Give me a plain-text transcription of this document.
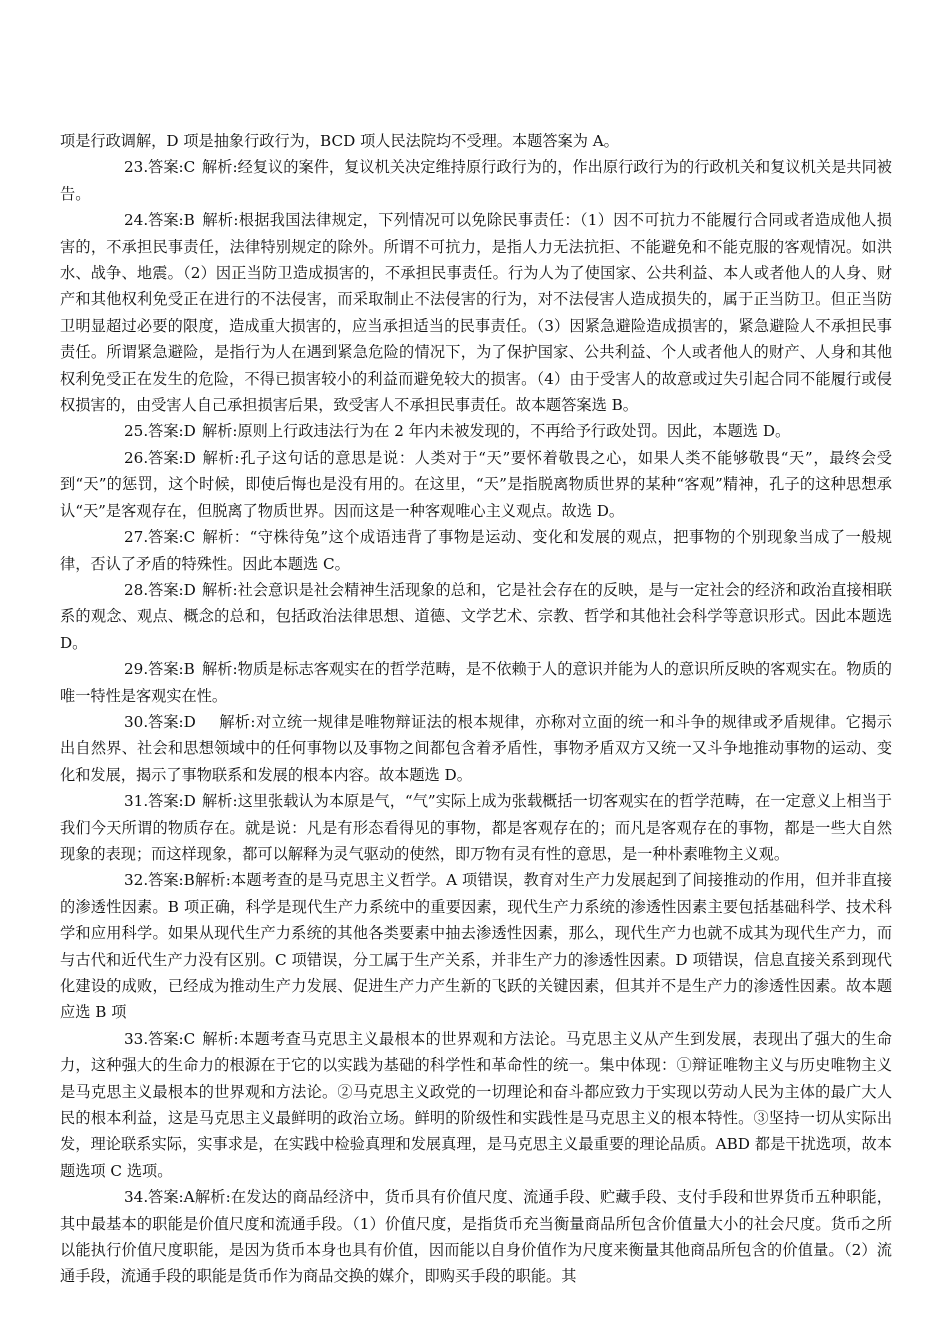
项是行政调解，D 项是抽象行政行为，BCD 项人民法院均不受理。本题答案为 A。

23.答案:C 解析:经复议的案件，复议机关决定维持原行政行为的，作出原行政行为的行政机关和复议机关是共同被告。

24.答案:B 解析:根据我国法律规定，下列情况可以免除民事责任：（1）因不可抗力不能履行合同或者造成他人损害的，不承担民事责任，法律特别规定的除外。所谓不可抗力，是指人力无法抗拒、不能避免和不能克服的客观情况。如洪水、战争、地震。（2）因正当防卫造成损害的，不承担民事责任。行为人为了使国家、公共利益、本人或者他人的人身、财产和其他权利免受正在进行的不法侵害，而采取制止不法侵害的行为，对不法侵害人造成损失的，属于正当防卫。但正当防卫明显超过必要的限度，造成重大损害的，应当承担适当的民事责任。（3）因紧急避险造成损害的，紧急避险人不承担民事责任。所谓紧急避险，是指行为人在遇到紧急危险的情况下，为了保护国家、公共利益、个人或者他人的财产、人身和其他权利免受正在发生的危险，不得已损害较小的利益而避免较大的损害。（4）由于受害人的故意或过失引起合同不能履行或侵权损害的，由受害人自己承担损害后果，致受害人不承担民事责任。故本题答案选 B。

25.答案:D 解析:原则上行政违法行为在 2 年内未被发现的，不再给予行政处罚。因此，本题选 D。

26.答案:D 解析:孔子这句话的意思是说：人类对于“天”要怀着敬畏之心，如果人类不能够敬畏“天”，最终会受到“天”的惩罚，这个时候，即使后悔也是没有用的。在这里，“天”是指脱离物质世界的某种“客观”精神，孔子的这种思想承认“天”是客观存在，但脱离了物质世界。因而这是一种客观唯心主义观点。故选 D。

27.答案:C 解析：“守株待兔”这个成语违背了事物是运动、变化和发展的观点，把事物的个别现象当成了一般规律，否认了矛盾的特殊性。因此本题选 C。

28.答案:D 解析:社会意识是社会精神生活现象的总和，它是社会存在的反映，是与一定社会的经济和政治直接相联系的观念、观点、概念的总和，包括政治法律思想、道德、文学艺术、宗教、哲学和其他社会科学等意识形式。因此本题选 D。

29.答案:B 解析:物质是标志客观实在的哲学范畴，是不依赖于人的意识并能为人的意识所反映的客观实在。物质的唯一特性是客观实在性。

30.答案:D 解析:对立统一规律是唯物辩证法的根本规律，亦称对立面的统一和斗争的规律或矛盾规律。它揭示出自然界、社会和思想领域中的任何事物以及事物之间都包含着矛盾性，事物矛盾双方又统一又斗争地推动事物的运动、变化和发展，揭示了事物联系和发展的根本内容。故本题选 D。

31.答案:D 解析:这里张载认为本原是气，“气”实际上成为张载概括一切客观实在的哲学范畴，在一定意义上相当于我们今天所谓的物质存在。就是说：凡是有形态看得见的事物，都是客观存在的；而凡是客观存在的事物，都是一些大自然现象的表现；而这样现象，都可以解释为灵气驱动的使然，即万物有灵有性的意思，是一种朴素唯物主义观。

32.答案:B解析:本题考查的是马克思主义哲学。A 项错误，教育对生产力发展起到了间接推动的作用，但并非直接的渗透性因素。B 项正确，科学是现代生产力系统中的重要因素，现代生产力系统的渗透性因素主要包括基础科学、技术科学和应用科学。如果从现代生产力系统的其他各类要素中抽去渗透性因素，那么，现代生产力也就不成其为现代生产力，而与古代和近代生产力没有区别。C 项错误，分工属于生产关系，并非生产力的渗透性因素。D 项错误，信息直接关系到现代化建设的成败，已经成为推动生产力发展、促进生产力产生新的飞跃的关键因素，但其并不是生产力的渗透性因素。故本题应选 B 项

33.答案:C 解析:本题考查马克思主义最根本的世界观和方法论。马克思主义从产生到发展，表现出了强大的生命力，这种强大的生命力的根源在于它的以实践为基础的科学性和革命性的统一。集中体现：①辩证唯物主义与历史唯物主义是马克思主义最根本的世界观和方法论。②马克思主义政党的一切理论和奋斗都应致力于实现以劳动人民为主体的最广大人民的根本利益，这是马克思主义最鲜明的政治立场。鲜明的阶级性和实践性是马克思主义的根本特性。③坚持一切从实际出发，理论联系实际，实事求是，在实践中检验真理和发展真理，是马克思主义最重要的理论品质。ABD 都是干扰选项，故本题选项 C 选项。

34.答案:A解析:在发达的商品经济中，货币具有价值尺度、流通手段、贮藏手段、支付手段和世界货币五种职能，其中最基本的职能是价值尺度和流通手段。（1）价值尺度，是指货币充当衡量商品所包含价值量大小的社会尺度。货币之所以能执行价值尺度职能，是因为货币本身也具有价值，因而能以自身价值作为尺度来衡量其他商品所包含的价值量。（2）流通手段，流通手段的职能是货币作为商品交换的媒介，即购买手段的职能。其
